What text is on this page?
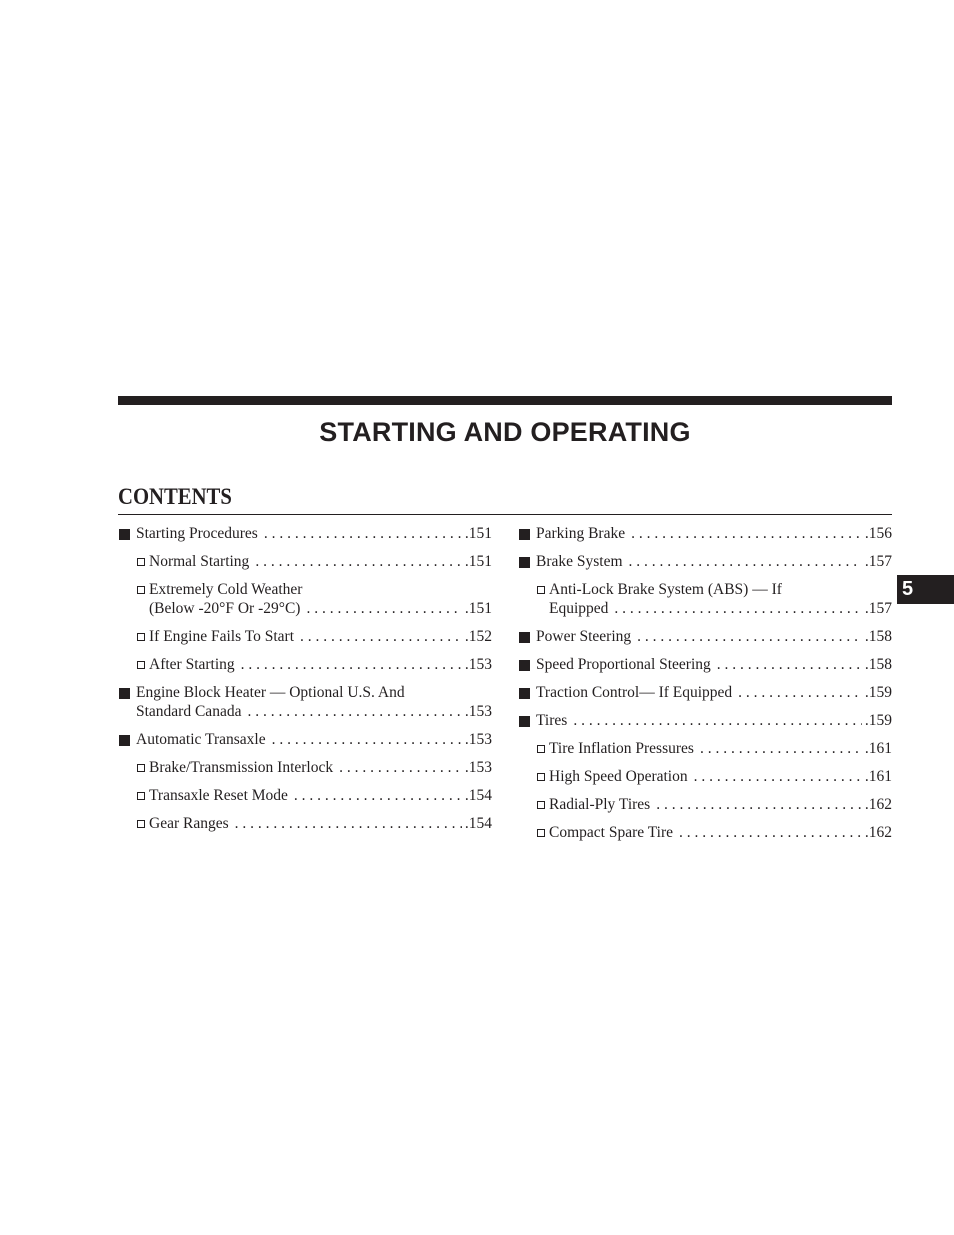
STARTING AND OPERATING
CONTENTS
Starting Procedures . . .	.151
Normal Starting . . .	.151
Extremely Cold Weather
(Below -20°F Or -29°C) . . .	.151
If Engine Fails To Start . . .	.152
After Starting . . .	.153
Engine Block Heater — Optional U.S. And
Standard Canada . . .	.153
Automatic Transaxle . . .	.153
Brake/Transmission Interlock . . .	.153
Transaxle Reset Mode . . .	.154
Gear Ranges . . .	.154
Parking Brake . . .	.156
Brake System . . .	.157
Anti-Lock Brake System (ABS) — If
Equipped . . .	.157
Power Steering . . .	.158
Speed Proportional Steering . . .	.158
Traction Control— If Equipped . . .	.159
Tires . . .	.159
Tire Inflation Pressures . . .	.161
High Speed Operation . . .	.161
Radial-Ply Tires . . .	.162
Compact Spare Tire . . .	.162
5
